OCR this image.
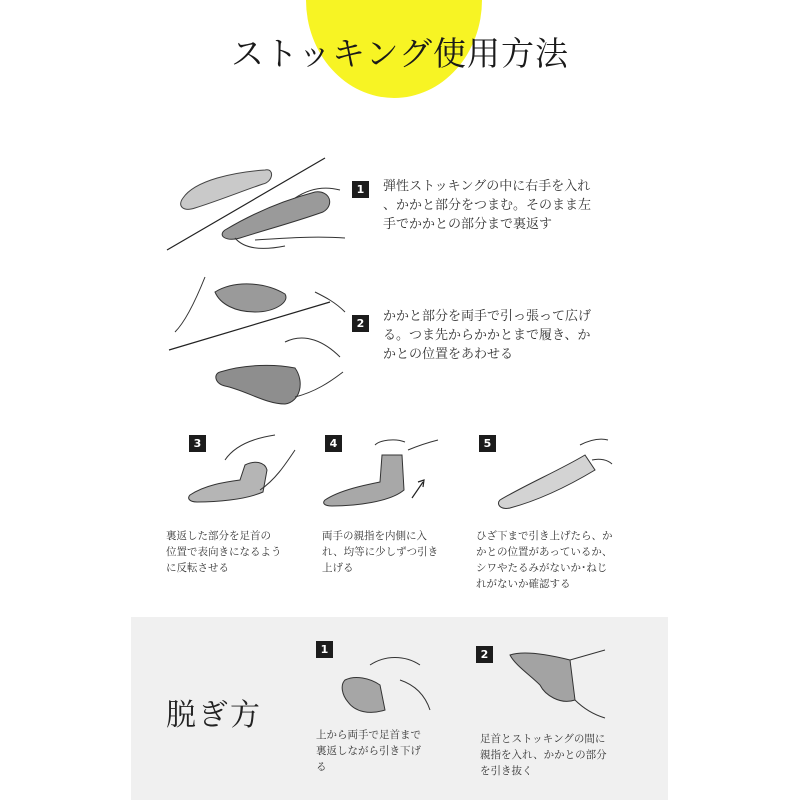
ストッキング使用方法
1	弾性ストッキングの中に右手を入れ
、かかと部分をつまむ。そのまま左
手でかかとの部分まで裏返す
2	かかと部分を両手で引っ張って広げ
る。つま先からかかとまで履き、か
かとの位置をあわせる
3
裏返した部分を足首の
位置で表向きになるよう
に反転させる
4
両手の親指を内側に入
れ、均等に少しずつ引き
上げる
5
ひざ下まで引き上げたら、か
かとの位置があっているか、
シワやたるみがないか･ねじ
れがないか確認する
脱ぎ方
1
上から両手で足首まで
裏返しながら引き下げ
る
2
足首とストッキングの間に
親指を入れ、かかとの部分
を引き抜く
